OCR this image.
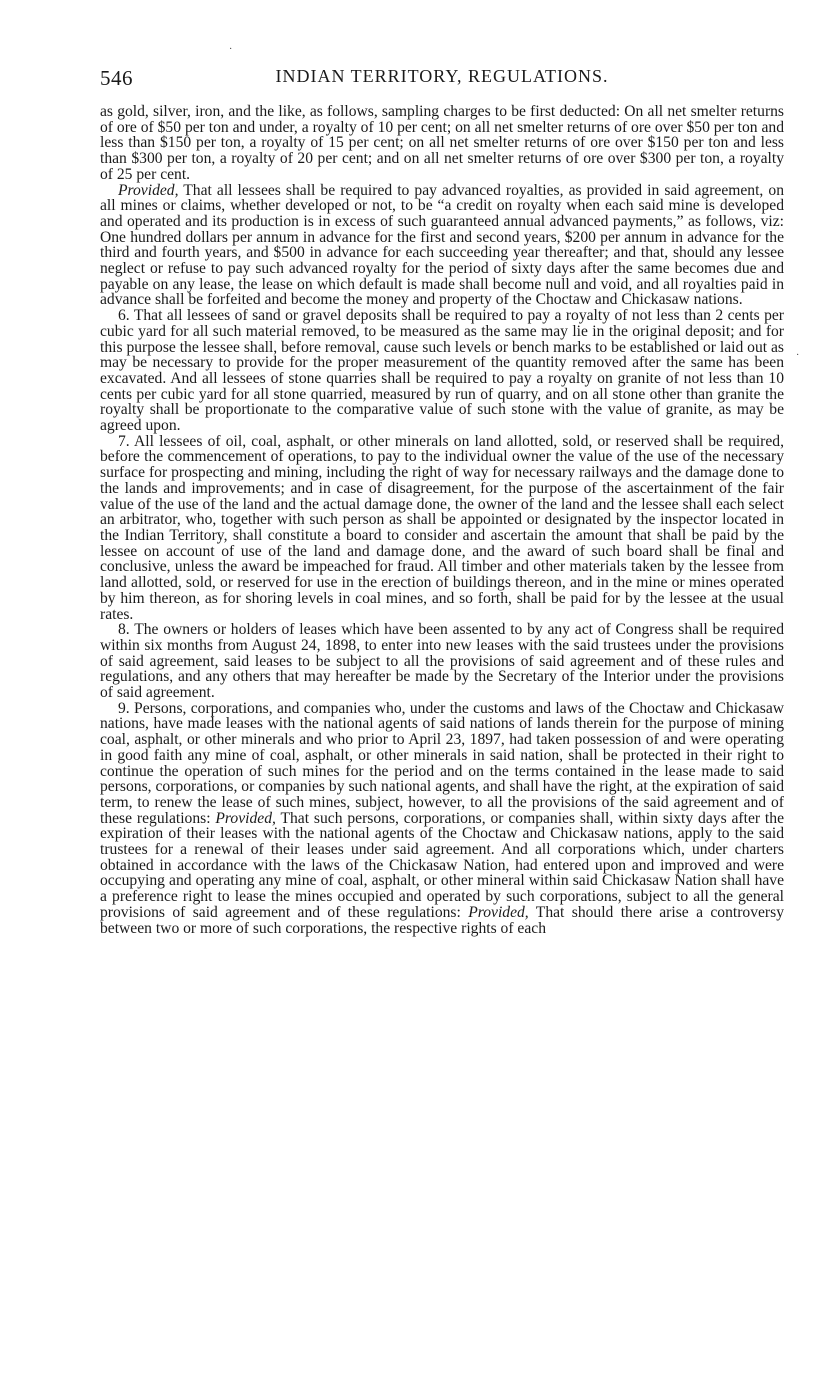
·
·
546	INDIAN TERRITORY, REGULATIONS.

as gold, silver, iron, and the like, as follows, sampling charges to be first deducted: On all net smelter returns of ore of $50 per ton and under, a royalty of 10 per cent; on all net smelter returns of ore over $50 per ton and less than $150 per ton, a royalty of 15 per cent; on all net smelter returns of ore over $150 per ton and less than $300 per ton, a royalty of 20 per cent; and on all net smelter returns of ore over $300 per ton, a royalty of 25 per cent.

Provided, That all lessees shall be required to pay advanced royalties, as provided in said agreement, on all mines or claims, whether developed or not, to be “a credit on royalty when each said mine is developed and operated and its production is in excess of such guaranteed annual advanced payments,” as follows, viz: One hundred dollars per annum in advance for the first and second years, $200 per annum in advance for the third and fourth years, and $500 in advance for each succeeding year thereafter; and that, should any lessee neglect or refuse to pay such advanced royalty for the period of sixty days after the same becomes due and payable on any lease, the lease on which default is made shall become null and void, and all royalties paid in advance shall be forfeited and become the money and property of the Choctaw and Chickasaw nations.

6. That all lessees of sand or gravel deposits shall be required to pay a royalty of not less than 2 cents per cubic yard for all such material removed, to be measured as the same may lie in the original deposit; and for this purpose the lessee shall, before removal, cause such levels or bench marks to be established or laid out as may be necessary to provide for the proper measurement of the quantity removed after the same has been excavated. And all lessees of stone quarries shall be required to pay a royalty on granite of not less than 10 cents per cubic yard for all stone quarried, measured by run of quarry, and on all stone other than granite the royalty shall be proportionate to the comparative value of such stone with the value of granite, as may be agreed upon.

7. All lessees of oil, coal, asphalt, or other minerals on land allotted, sold, or reserved shall be required, before the commencement of operations, to pay to the individual owner the value of the use of the necessary surface for prospecting and mining, including the right of way for necessary railways and the damage done to the lands and improvements; and in case of disagreement, for the purpose of the ascertainment of the fair value of the use of the land and the actual damage done, the owner of the land and the lessee shall each select an arbitrator, who, together with such person as shall be appointed or designated by the inspector located in the Indian Territory, shall constitute a board to consider and ascertain the amount that shall be paid by the lessee on account of use of the land and damage done, and the award of such board shall be final and conclusive, unless the award be impeached for fraud. All timber and other materials taken by the lessee from land allotted, sold, or reserved for use in the erection of buildings thereon, and in the mine or mines operated by him thereon, as for shoring levels in coal mines, and so forth, shall be paid for by the lessee at the usual rates.

8. The owners or holders of leases which have been assented to by any act of Congress shall be required within six months from August 24, 1898, to enter into new leases with the said trustees under the provisions of said agreement, said leases to be subject to all the provisions of said agreement and of these rules and regulations, and any others that may hereafter be made by the Secretary of the Interior under the provisions of said agreement.

9. Persons, corporations, and companies who, under the customs and laws of the Choctaw and Chickasaw nations, have made leases with the national agents of said nations of lands therein for the purpose of mining coal, asphalt, or other minerals and who prior to April 23, 1897, had taken possession of and were operating in good faith any mine of coal, asphalt, or other minerals in said nation, shall be protected in their right to continue the operation of such mines for the period and on the terms contained in the lease made to said persons, corporations, or companies by such national agents, and shall have the right, at the expiration of said term, to renew the lease of such mines, subject, however, to all the provisions of the said agreement and of these regulations: Provided, That such persons, corporations, or companies shall, within sixty days after the expiration of their leases with the national agents of the Choctaw and Chickasaw nations, apply to the said trustees for a renewal of their leases under said agreement. And all corporations which, under charters obtained in accordance with the laws of the Chickasaw Nation, had entered upon and improved and were occupying and operating any mine of coal, asphalt, or other mineral within said Chickasaw Nation shall have a preference right to lease the mines occupied and operated by such corporations, subject to all the general provisions of said agreement and of these regulations: Provided, That should there arise a controversy between two or more of such corporations, the respective rights of each
